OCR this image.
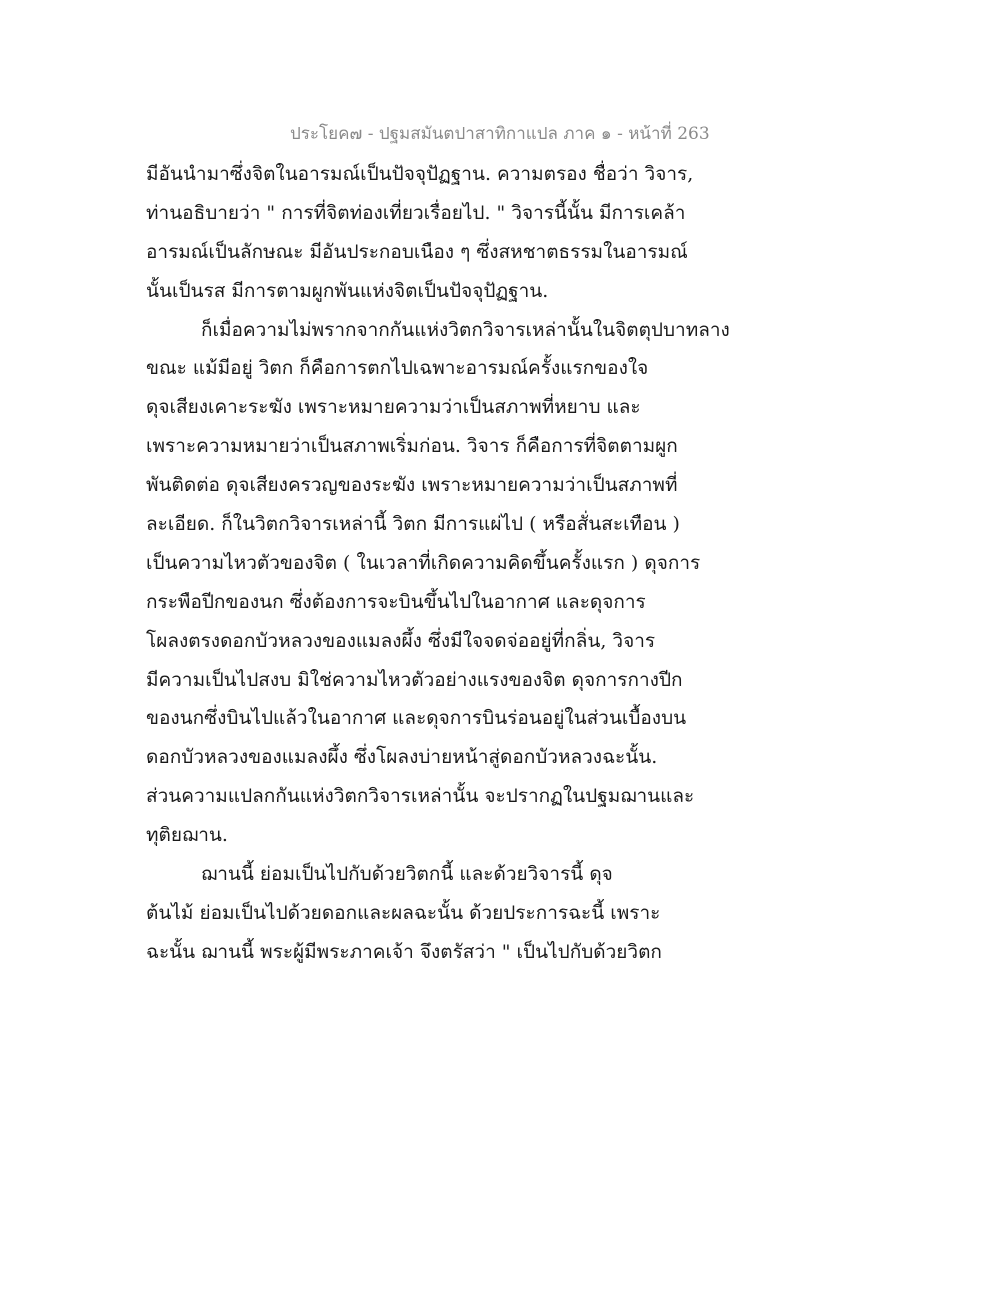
ประโยค๗ - ปฐมสมันตปาสาทิกาแปล ภาค ๑ - หน้าที่ 263
มีอันนำมาซึ่งจิตในอารมณ์เป็นปัจจุปัฏฐาน. ความตรอง ชื่อว่า วิจาร,
ท่านอธิบายว่า " การที่จิตท่องเที่ยวเรื่อยไป. " วิจารนี้นั้น มีการเคล้า
อารมณ์เป็นลักษณะ มีอันประกอบเนือง ๆ ซึ่งสหชาตธรรมในอารมณ์
นั้นเป็นรส มีการตามผูกพันแห่งจิตเป็นปัจจุปัฏฐาน.
ก็เมื่อความไม่พรากจากกันแห่งวิตกวิจารเหล่านั้นในจิตตุปบาทลาง
ขณะ แม้มีอยู่ วิตก ก็คือการตกไปเฉพาะอารมณ์ครั้งแรกของใจ
ดุจเสียงเคาะระฆัง เพราะหมายความว่าเป็นสภาพที่หยาบ และ
เพราะความหมายว่าเป็นสภาพเริ่มก่อน. วิจาร ก็คือการที่จิตตามผูก
พันติดต่อ ดุจเสียงครวญของระฆัง เพราะหมายความว่าเป็นสภาพที่
ละเอียด. ก็ในวิตกวิจารเหล่านี้ วิตก มีการแผ่ไป ( หรือสั่นสะเทือน )
เป็นความไหวตัวของจิต ( ในเวลาที่เกิดความคิดขึ้นครั้งแรก ) ดุจการ
กระพือปีกของนก ซึ่งต้องการจะบินขึ้นไปในอากาศ และดุจการ
โผลงตรงดอกบัวหลวงของแมลงผึ้ง ซึ่งมีใจจดจ่ออยู่ที่กลิ่น, วิจาร
มีความเป็นไปสงบ มิใช่ความไหวตัวอย่างแรงของจิต ดุจการกางปีก
ของนกซึ่งบินไปแล้วในอากาศ และดุจการบินร่อนอยู่ในส่วนเบื้องบน
ดอกบัวหลวงของแมลงผึ้ง ซึ่งโผลงบ่ายหน้าสู่ดอกบัวหลวงฉะนั้น.
ส่วนความแปลกกันแห่งวิตกวิจารเหล่านั้น จะปรากฏในปฐมฌานและ
ทุติยฌาน.
ฌานนี้ ย่อมเป็นไปกับด้วยวิตกนี้ และด้วยวิจารนี้ ดุจ
ต้นไม้ ย่อมเป็นไปด้วยดอกและผลฉะนั้น ด้วยประการฉะนี้ เพราะ
ฉะนั้น ฌานนี้ พระผู้มีพระภาคเจ้า จึงตรัสว่า " เป็นไปกับด้วยวิตก
